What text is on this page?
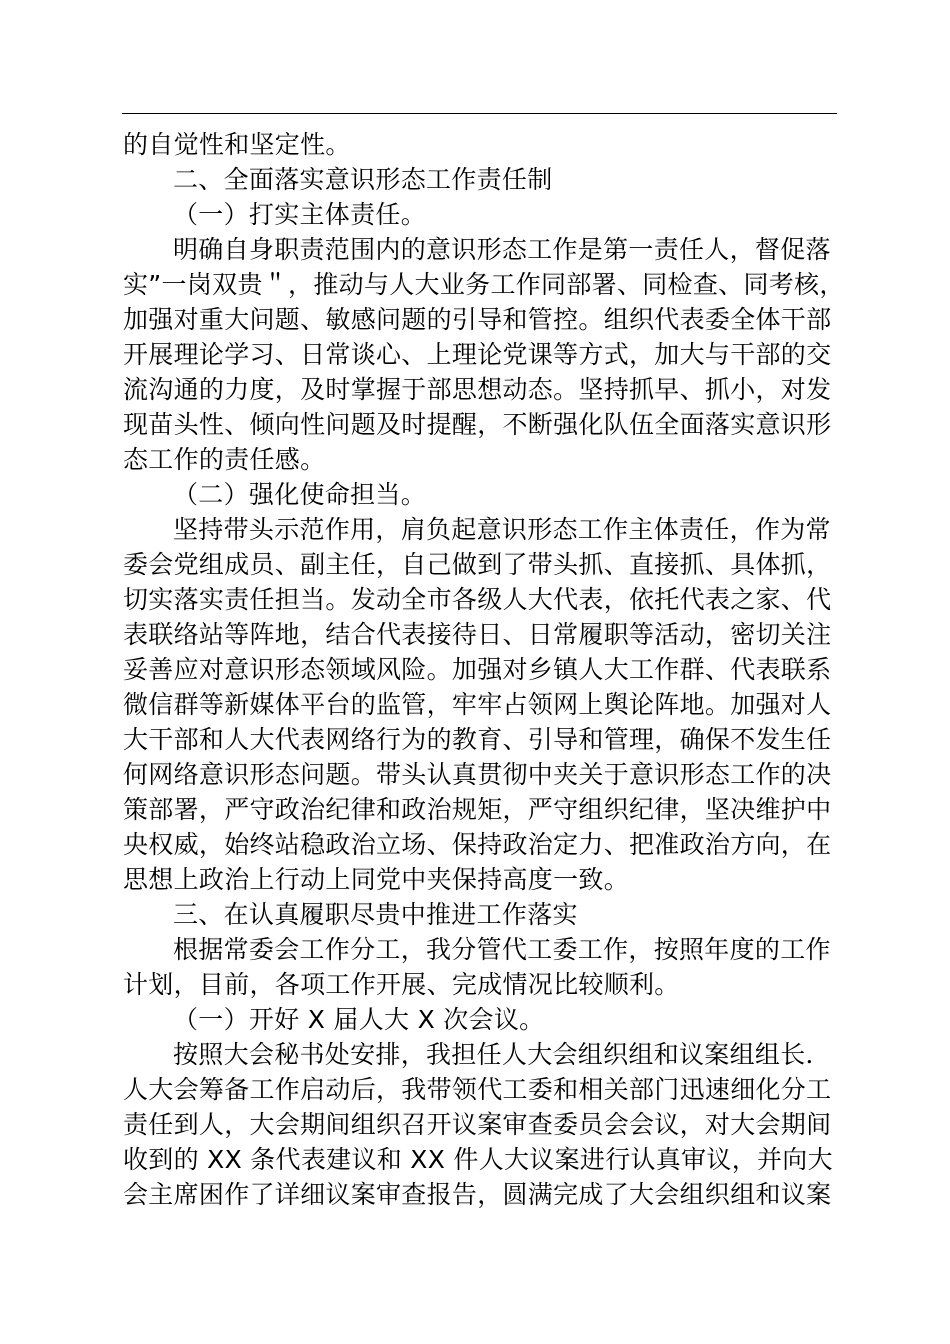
的自觉性和坚定性。
二、全面落实意识形态工作责任制
（一）打实主体责任。
明确自身职责范围内的意识形态工作是第一责任人，督促落
实”一岗双贵＂，推动与人大业务工作同部署、同检查、同考核，
加强对重大问题、敏感问题的引导和管控。组织代表委全体干部
开展理论学习、日常谈心、上理论党课等方式，加大与干部的交
流沟通的力度，及时掌握于部思想动态。坚持抓早、抓小，对发
现苗头性、倾向性问题及时提醒，不断强化队伍全面落实意识形
态工作的责任感。
（二）强化使命担当。
坚持带头示范作用，肩负起意识形态工作主体责任，作为常
委会党组成员、副主任，自己做到了带头抓、直接抓、具体抓，
切实落实责任担当。发动全市各级人大代表，依托代表之家、代
表联络站等阵地，结合代表接待日、日常履职等活动，密切关注
妥善应对意识形态领域风险。加强对乡镇人大工作群、代表联系
微信群等新媒体平台的监管，牢牢占领网上舆论阵地。加强对人
大干部和人大代表网络行为的教育、引导和管理，确保不发生任
何网络意识形态问题。带头认真贯彻中夹关于意识形态工作的决
策部署，严守政治纪律和政治规矩，严守组织纪律，坚决维护中
央权威，始终站稳政治立场、保持政治定力、把准政治方向，在
思想上政治上行动上同党中夹保持高度一致。
三、在认真履职尽贵中推进工作落实
根据常委会工作分工，我分管代工委工作，按照年度的工作
计划，目前，各项工作开展、完成情况比较顺利。
（一）开好 X 届人大 X 次会议。
按照大会秘书处安排，我担任人大会组织组和议案组组长．
人大会筹备工作启动后，我带领代工委和相关部门迅速细化分工
责任到人，大会期间组织召开议案审查委员会会议，对大会期间
收到的 XX 条代表建议和 XX 件人大议案进行认真审议，并向大
会主席困作了详细议案审查报告，圆满完成了大会组织组和议案
